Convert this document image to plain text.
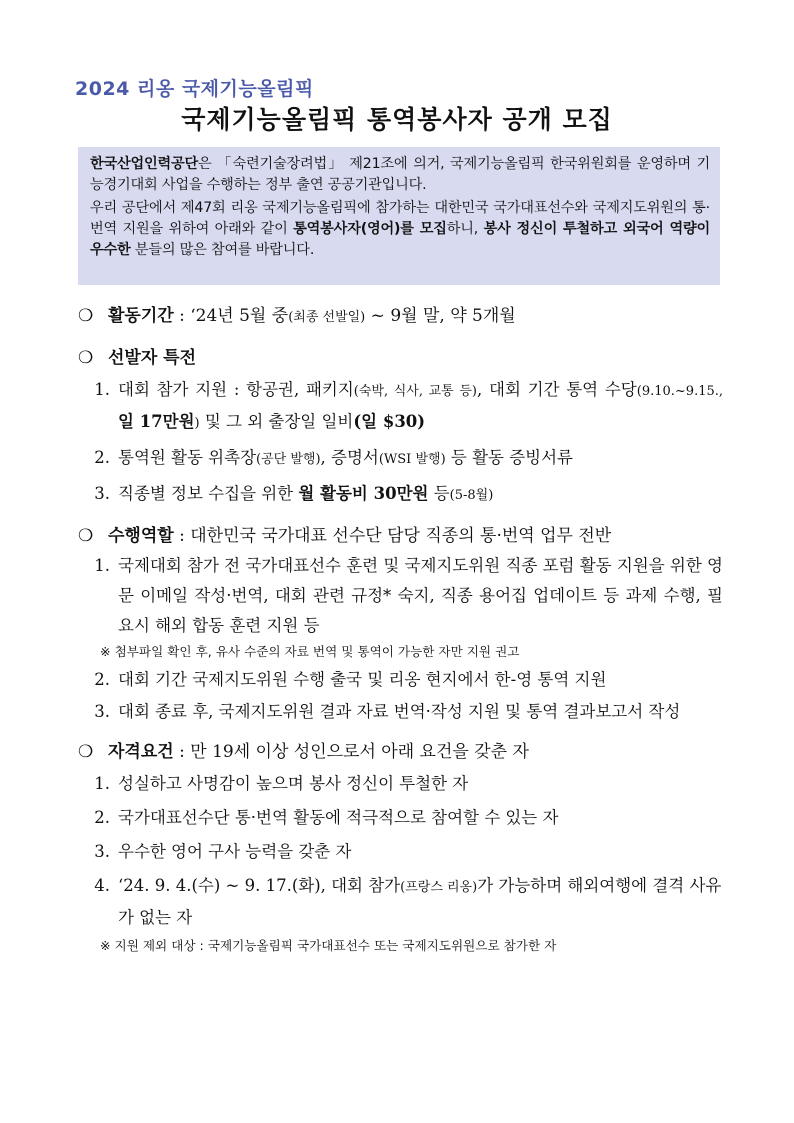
2024 리옹 국제기능올림픽
국제기능올림픽 통역봉사자 공개 모집

한국산업인력공단은 「숙련기술장려법」 제21조에 의거, 국제기능올림픽 한국위원회를 운영하며 기능경기대회 사업을 수행하는 정부 출연 공공기관입니다.

우리 공단에서 제47회 리옹 국제기능올림픽에 참가하는 대한민국 국가대표선수와 국제지도위원의 통·번역 지원을 위하여 아래와 같이 통역봉사자(영어)를 모집하니, 봉사 정신이 투철하고 외국어 역량이 우수한 분들의 많은 참여를 바랍니다.

❍ 활동기간 : ‘24년 5월 중(최종 선발일) ~ 9월 말, 약 5개월
❍ 선발자 특전
1. 대회 참가 지원 : 항공권, 패키지(숙박, 식사, 교통 등), 대회 기간 통역 수당(9.10.~9.15., 일 17만원) 및 그 외 출장일 일비(일 $30)
2. 통역원 활동 위촉장(공단 발행), 증명서(WSI 발행) 등 활동 증빙서류
3. 직종별 정보 수집을 위한 월 활동비 30만원 등(5-8월)
❍ 수행역할 : 대한민국 국가대표 선수단 담당 직종의 통·번역 업무 전반
1. 국제대회 참가 전 국가대표선수 훈련 및 국제지도위원 직종 포럼 활동 지원을 위한 영문 이메일 작성·번역, 대회 관련 규정* 숙지, 직종 용어집 업데이트 등 과제 수행, 필요시 해외 합동 훈련 지원 등
※ 첨부파일 확인 후, 유사 수준의 자료 번역 및 통역이 가능한 자만 지원 권고
2. 대회 기간 국제지도위원 수행 출국 및 리옹 현지에서 한-영 통역 지원
3. 대회 종료 후, 국제지도위원 결과 자료 번역·작성 지원 및 통역 결과보고서 작성
❍ 자격요건 : 만 19세 이상 성인으로서 아래 요건을 갖춘 자
1. 성실하고 사명감이 높으며 봉사 정신이 투철한 자
2. 국가대표선수단 통·번역 활동에 적극적으로 참여할 수 있는 자
3. 우수한 영어 구사 능력을 갖춘 자
4. ‘24. 9. 4.(수) ~ 9. 17.(화), 대회 참가(프랑스 리옹)가 가능하며 해외여행에 결격 사유가 없는 자
※ 지원 제외 대상 : 국제기능올림픽 국가대표선수 또는 국제지도위원으로 참가한 자
